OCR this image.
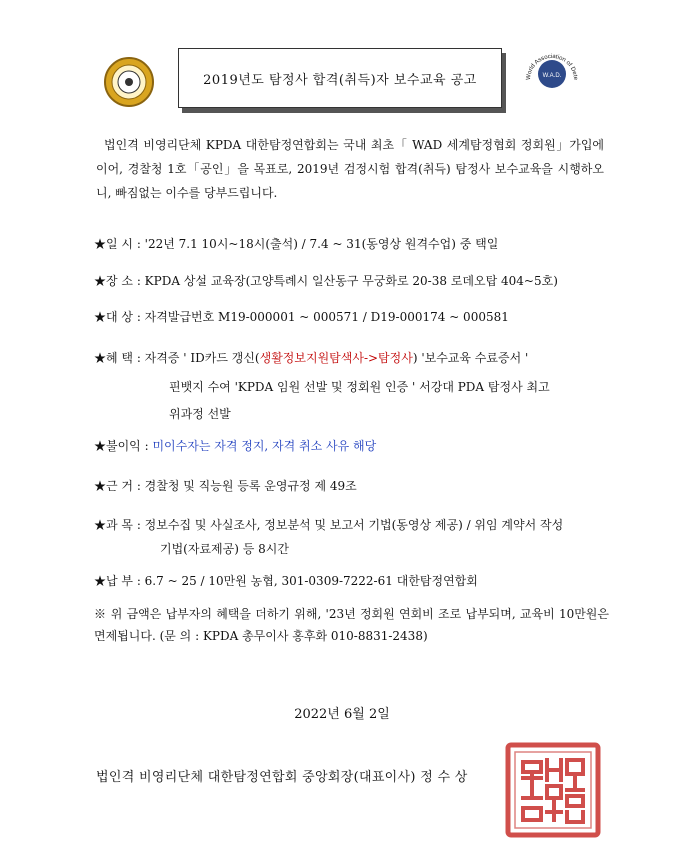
2019년도 탐정사 합격(취득)자 보수교육 공고	World Association of Dete
W.A.D.
법인격 비영리단체 KPDA 대한탐정연합회는 국내 최초「 WAD 세계탐정협회 정회원」가입에 이어, 경찰청 1호「공인」을 목표로, 2019년 검정시험 합격(취득) 탐정사 보수교육을 시행하오니, 빠짐없는 이수를 당부드립니다.
★일 시 : '22년 7.1 10시~18시(출석) / 7.4 ~ 31(동영상 원격수업) 중 택일
★장 소 : KPDA 상설 교육장(고양특례시 일산동구 무궁화로 20-38 로데오탑 404~5호)
★대 상 : 자격발급번호 M19-000001 ~ 000571 / D19-000174 ~ 000581
★혜 택 : 자격증 ' ID카드 갱신(생활정보지원탐색사->탐정사) '보수교육 수료증서 '
핀뱃지 수여 'KPDA 임원 선발 및 정회원 인증 ' 서강대 PDA 탐정사 최고
위과정 선발
★불이익 : 미이수자는 자격 정지, 자격 취소 사유 해당
★근 거 : 경찰청 및 직능원 등록 운영규정 제 49조
★과 목 : 정보수집 및 사실조사, 정보분석 및 보고서 기법(동영상 제공) / 위임 계약서 작성
기법(자료제공) 등 8시간
★납 부 : 6.7 ~ 25 / 10만원 농협, 301-0309-7222-61 대한탐정연합회
※ 위 금액은 납부자의 혜택을 더하기 위해, '23년 정회원 연회비 조로 납부되며, 교육비 10만원은 면제됩니다. (문 의 : KPDA 총무이사 홍후화 010-8831-2438)
2022년 6월 2일
법인격 비영리단체 대한탐정연합회 중앙회장(대표이사) 정 수 상
